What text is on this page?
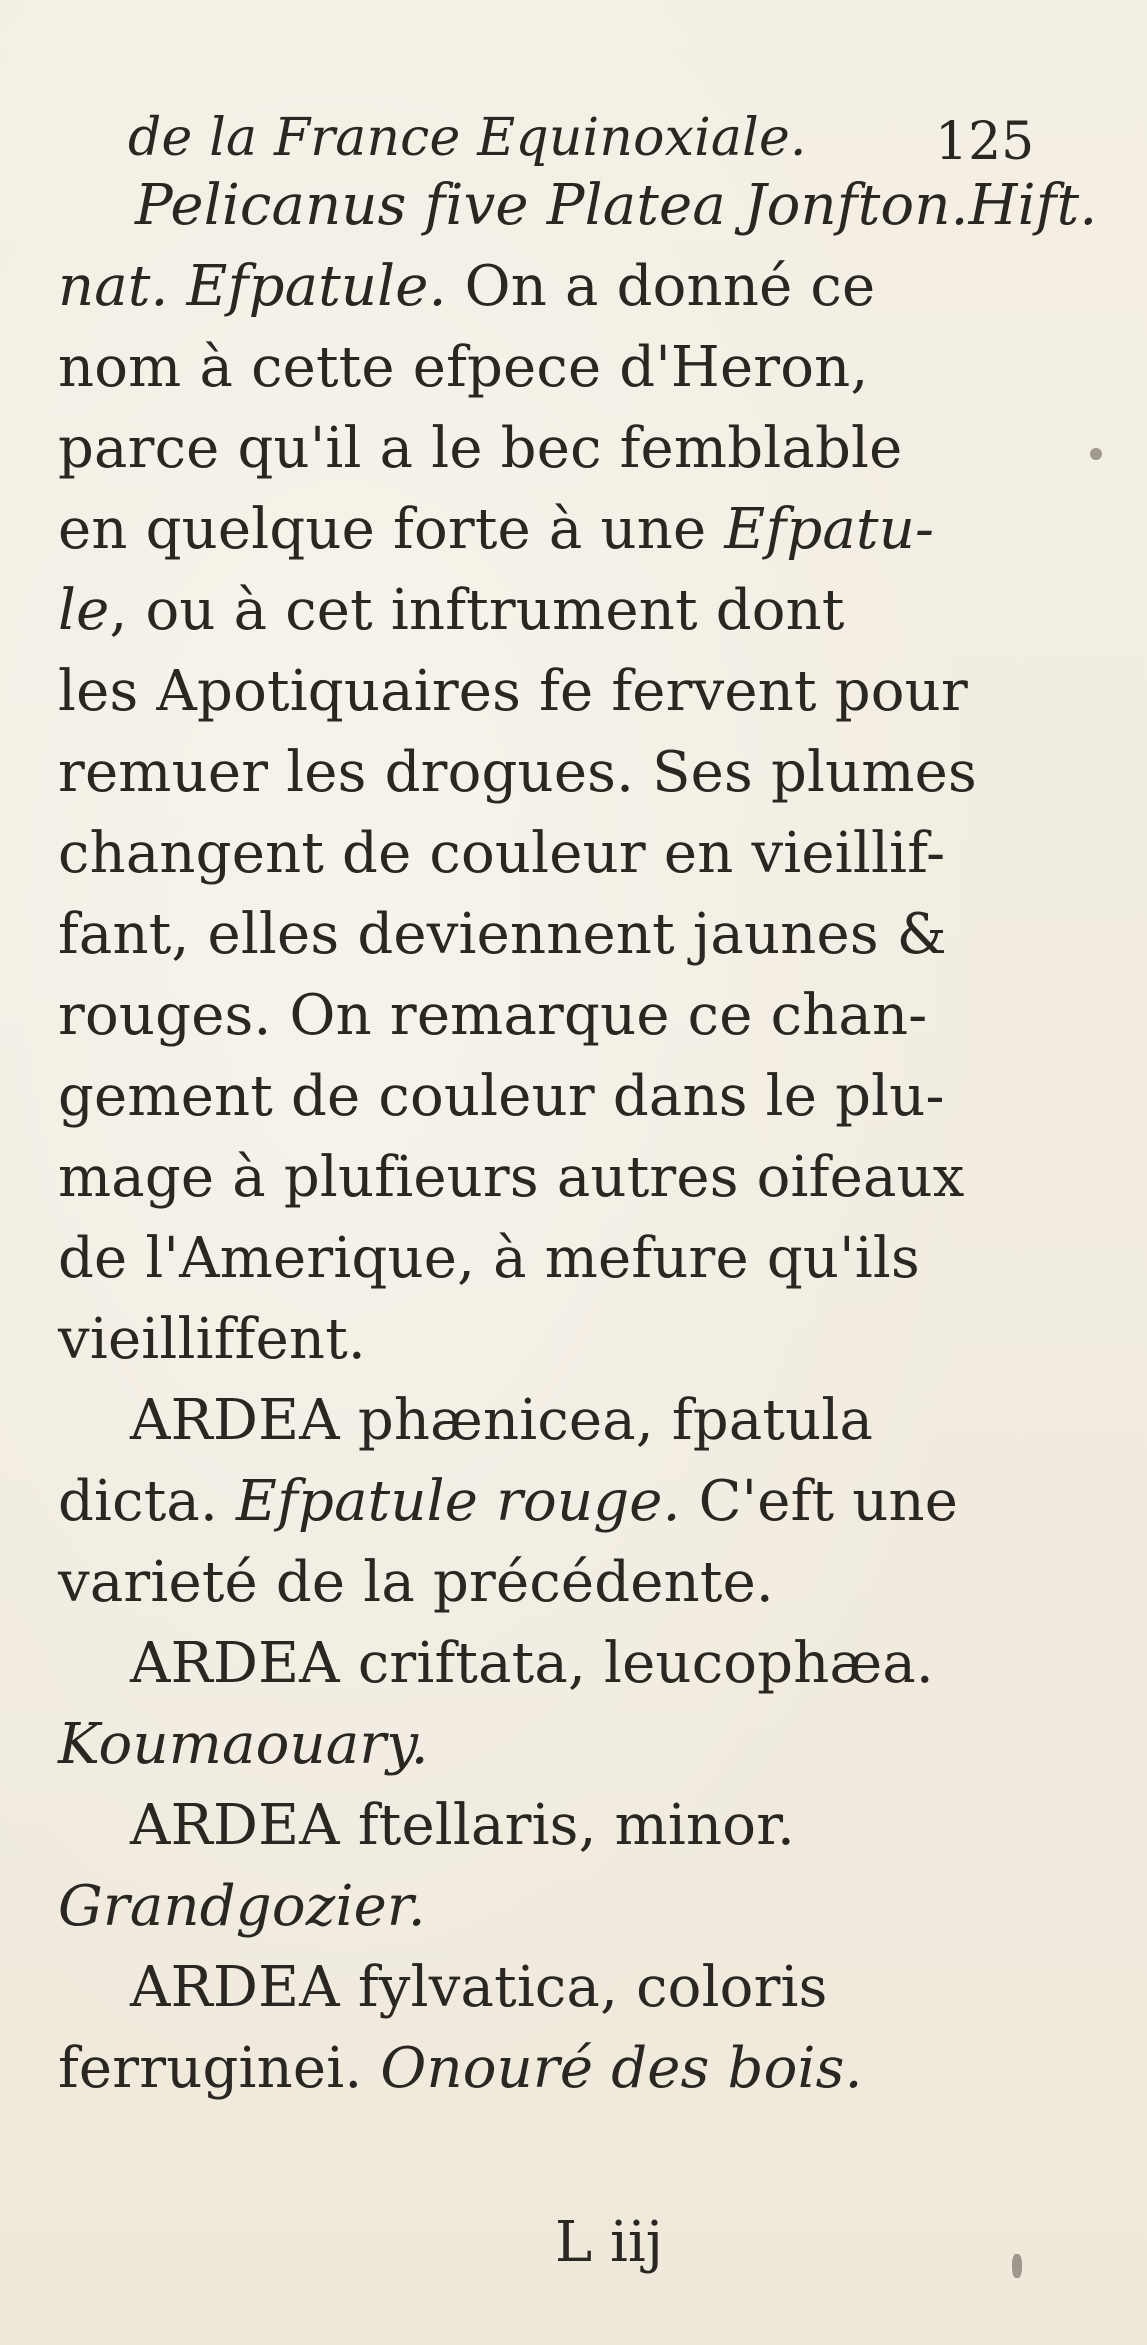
de la France Equinoxiale. 125
Pelicanus five Platea Jonfton.Hift.
nat. Efpatule. On a donné ce
nom à cette efpece d'Heron,
parce qu'il a le bec femblable
en quelque forte à une Efpatu-
le, ou à cet inftrument dont
les Apotiquaires fe fervent pour
remuer les drogues. Ses plumes
changent de couleur en vieillif-
fant, elles deviennent jaunes &
rouges. On remarque ce chan-
gement de couleur dans le plu-
mage à plufieurs autres oifeaux
de l'Amerique, à mefure qu'ils
vieilliffent.
ARDEA phænicea, fpatula
dicta. Efpatule rouge. C'eft une
varieté de la précédente.
ARDEA criftata, leucophæa.
Koumaouary.
ARDEA ftellaris, minor.
Grandgozier.
ARDEA fylvatica, coloris
ferruginei. Onouré des bois.
L iij
